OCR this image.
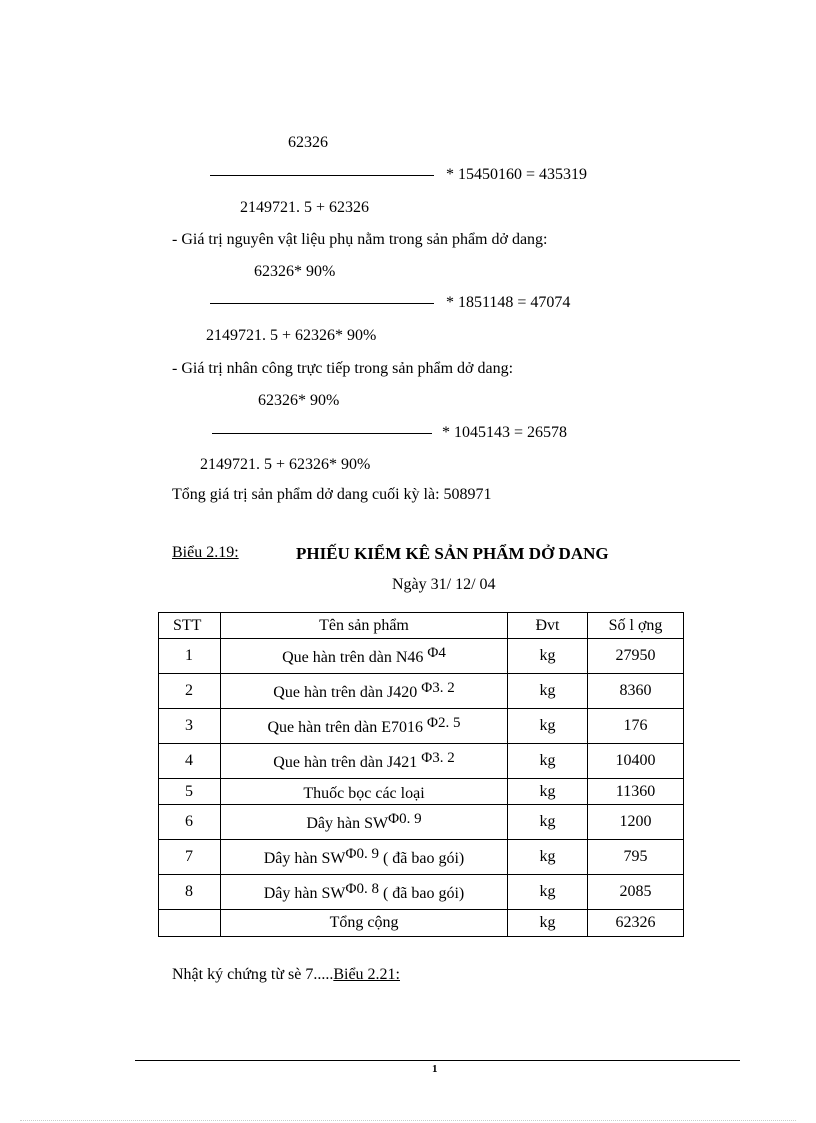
62326
* 15450160 = 435319
2149721. 5 + 62326
- Giá trị nguyên vật liệu phụ nằm trong sản phẩm dở dang:
62326* 90%
* 1851148 = 47074
2149721. 5 + 62326* 90%
- Giá trị nhân công trực tiếp trong sản phẩm dở dang:
62326* 90%
* 1045143 = 26578
2149721. 5 + 62326* 90%
Tổng giá trị sản phẩm dở dang cuối kỳ là: 508971
Biểu 2.19:	PHIẾU KIỂM KÊ SẢN PHẨM DỞ DANG
Ngày 31/ 12/ 04
STT	Tên sản phẩm	Đvt	Số l ợng
1	Que hàn trên dàn N46 Φ4	kg	27950
2	Que hàn trên dàn J420 Φ3. 2	kg	8360
3	Que hàn trên dàn E7016 Φ2. 5	kg	176
4	Que hàn trên dàn J421 Φ3. 2	kg	10400
5	Thuốc bọc các loại	kg	11360
6	Dây hàn SWΦ0. 9	kg	1200
7	Dây hàn SWΦ0. 9 ( đã bao gói)	kg	795
8	Dây hàn SWΦ0. 8 ( đã bao gói)	kg	2085
	Tổng cộng	kg	62326
Nhật ký chứng từ sè 7.....Biểu 2.21:
1
